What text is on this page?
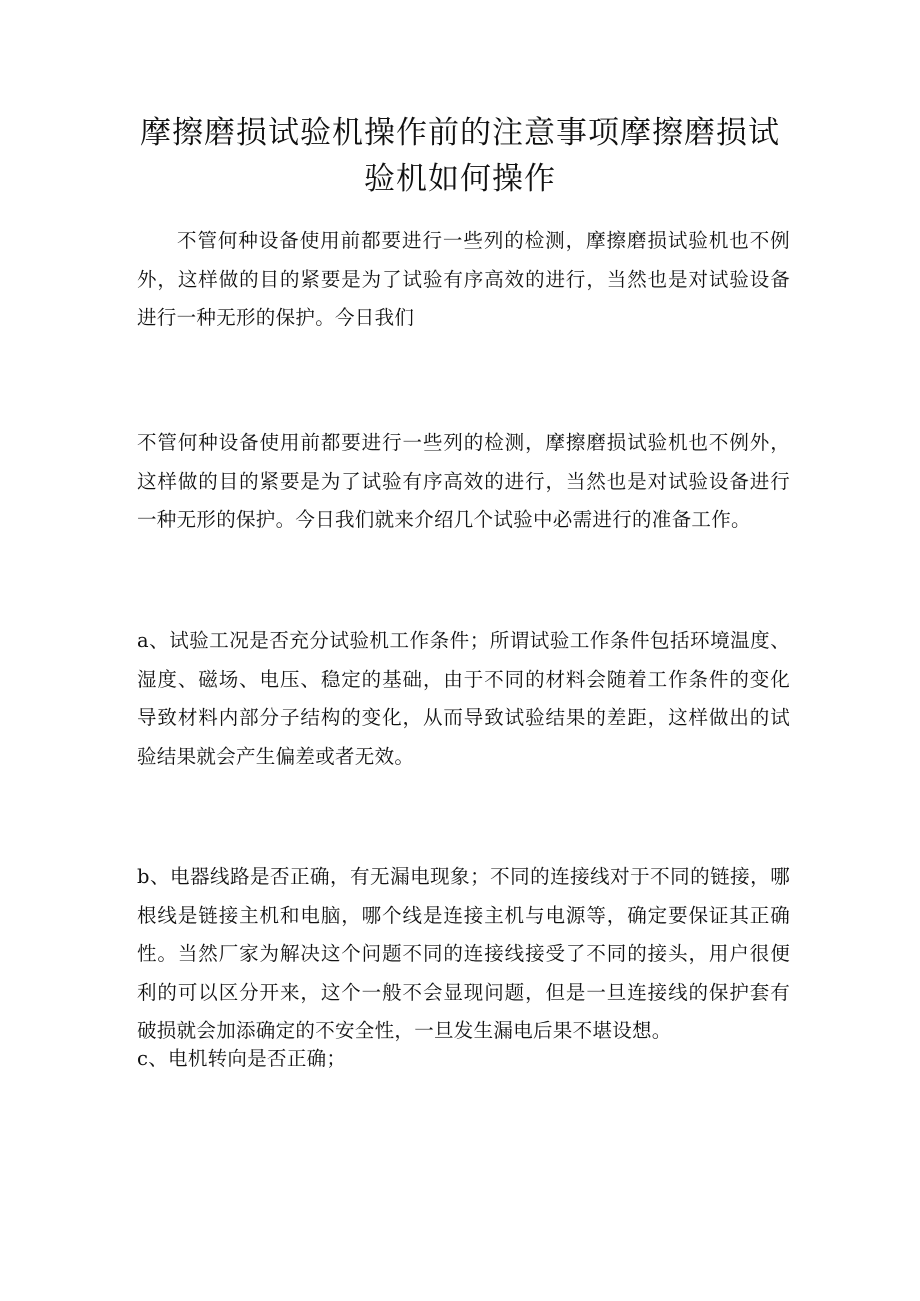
摩擦磨损试验机操作前的注意事项摩擦磨损试验机如何操作

不管何种设备使用前都要进行一些列的检测，摩擦磨损试验机也不例外，这样做的目的紧要是为了试验有序高效的进行，当然也是对试验设备进行一种无形的保护。今日我们

不管何种设备使用前都要进行一些列的检测，摩擦磨损试验机也不例外，这样做的目的紧要是为了试验有序高效的进行，当然也是对试验设备进行一种无形的保护。今日我们就来介绍几个试验中必需进行的准备工作。

a、试验工况是否充分试验机工作条件；所谓试验工作条件包括环境温度、湿度、磁场、电压、稳定的基础，由于不同的材料会随着工作条件的变化导致材料内部分子结构的变化，从而导致试验结果的差距，这样做出的试验结果就会产生偏差或者无效。

b、电器线路是否正确，有无漏电现象；不同的连接线对于不同的链接，哪根线是链接主机和电脑，哪个线是连接主机与电源等，确定要保证其正确性。当然厂家为解决这个问题不同的连接线接受了不同的接头，用户很便利的可以区分开来，这个一般不会显现问题，但是一旦连接线的保护套有破损就会加添确定的不安全性，一旦发生漏电后果不堪设想。

c、电机转向是否正确；
